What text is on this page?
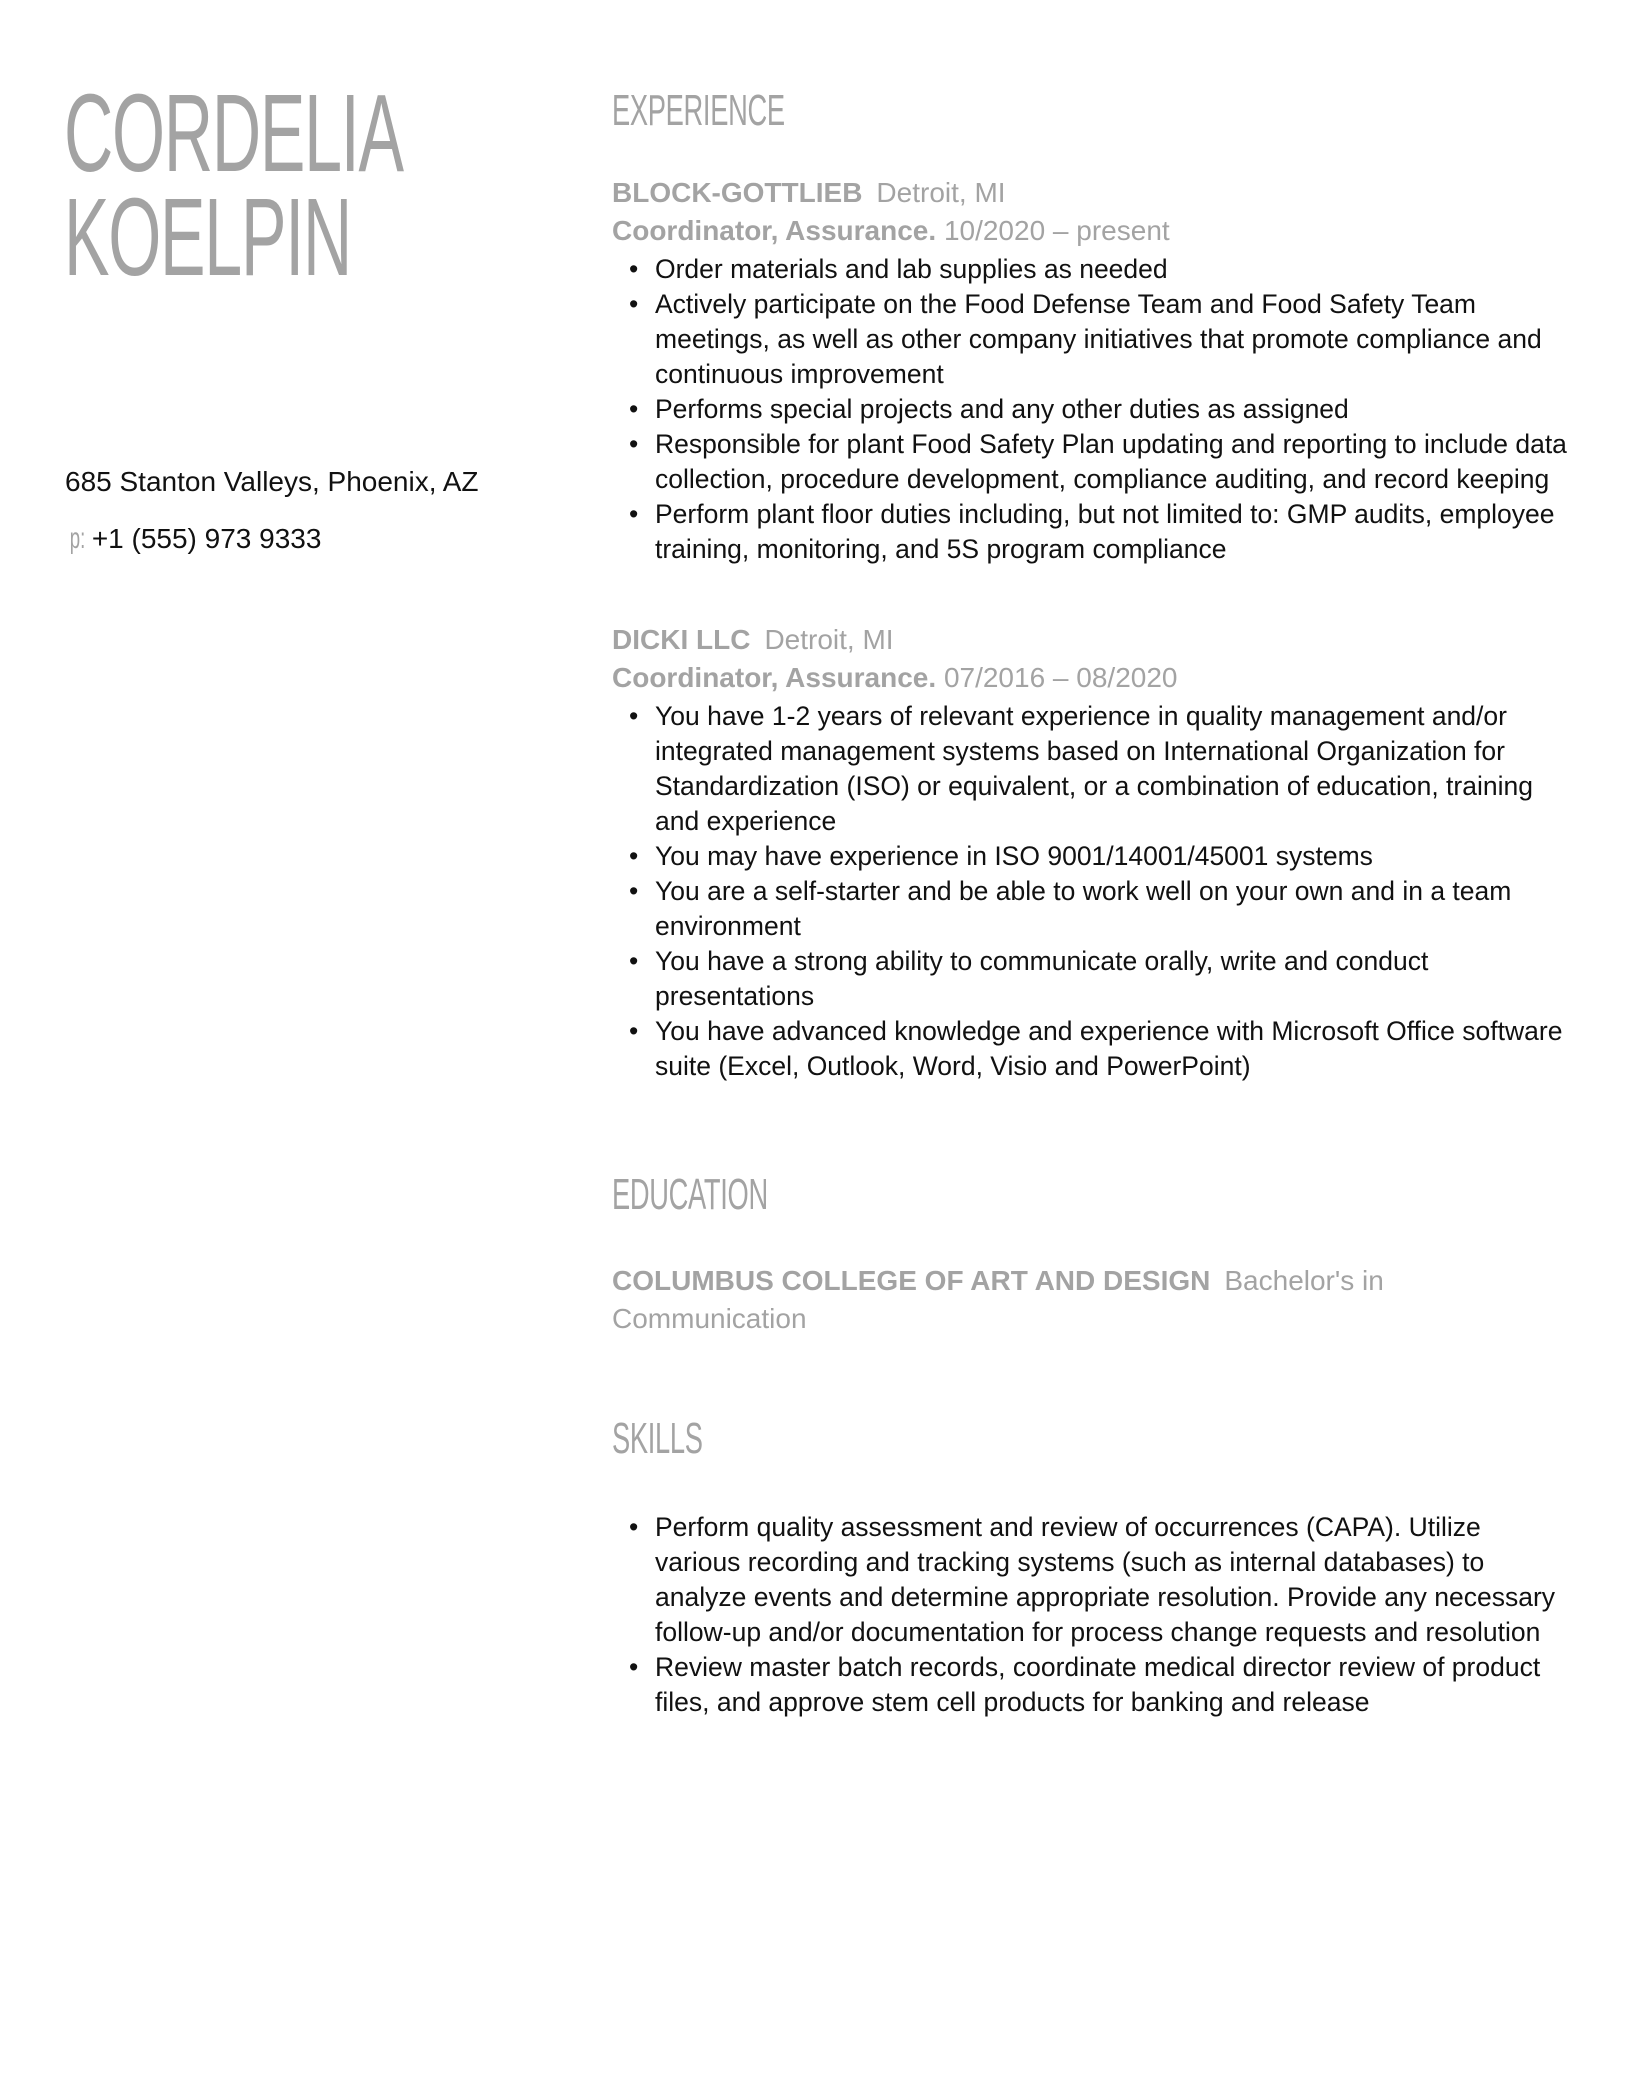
CORDELIA
KOELPIN
685 Stanton Valleys, Phoenix, AZ
p: +1 (555) 973 9333
EXPERIENCE
BLOCK-GOTTLIEB Detroit, MI
Coordinator, Assurance. 10/2020 – present
• Order materials and lab supplies as needed
• Actively participate on the Food Defense Team and Food Safety Team meetings, as well as other company initiatives that promote compliance and continuous improvement
• Performs special projects and any other duties as assigned
• Responsible for plant Food Safety Plan updating and reporting to include data collection, procedure development, compliance auditing, and record keeping
• Perform plant floor duties including, but not limited to: GMP audits, employee training, monitoring, and 5S program compliance
DICKI LLC Detroit, MI
Coordinator, Assurance. 07/2016 – 08/2020
• You have 1-2 years of relevant experience in quality management and/or integrated management systems based on International Organization for Standardization (ISO) or equivalent, or a combination of education, training and experience
• You may have experience in ISO 9001/14001/45001 systems
• You are a self-starter and be able to work well on your own and in a team environment
• You have a strong ability to communicate orally, write and conduct presentations
• You have advanced knowledge and experience with Microsoft Office software suite (Excel, Outlook, Word, Visio and PowerPoint)
EDUCATION
COLUMBUS COLLEGE OF ART AND DESIGN Bachelor's in Communication
SKILLS
• Perform quality assessment and review of occurrences (CAPA). Utilize various recording and tracking systems (such as internal databases) to analyze events and determine appropriate resolution. Provide any necessary follow-up and/or documentation for process change requests and resolution
• Review master batch records, coordinate medical director review of product files, and approve stem cell products for banking and release
